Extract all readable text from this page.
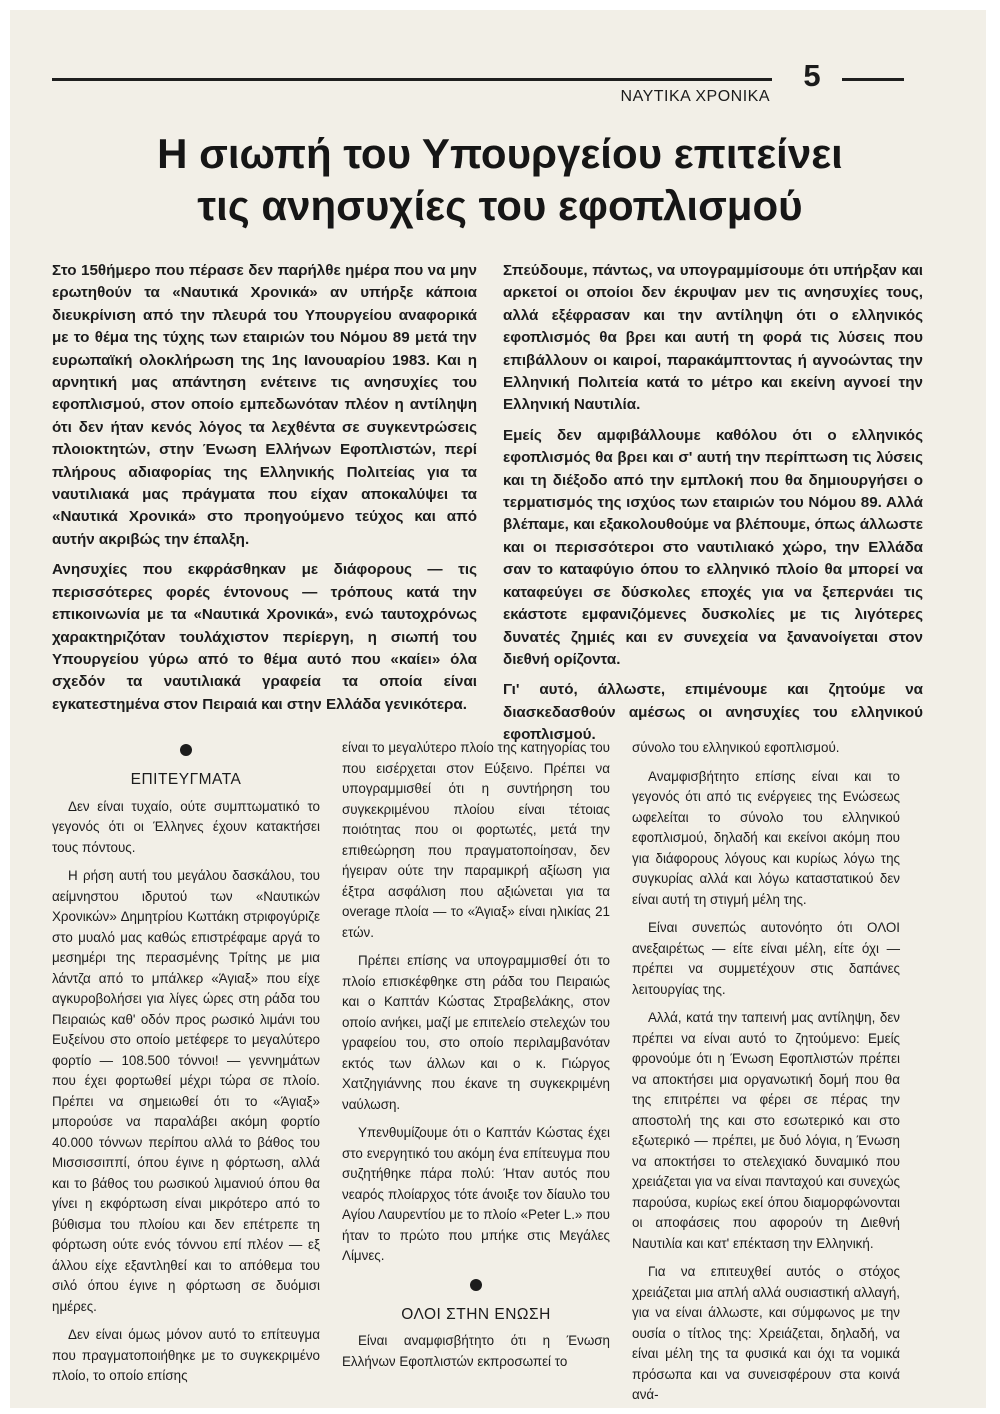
5
ΝΑΥΤΙΚΑ ΧΡΟΝΙΚΑ
Η σιωπή του Υπουργείου επιτείνει
τις ανησυχίες του εφοπλισμού

Στο 15θήμερο που πέρασε δεν παρήλθε ημέρα που να μην ερωτηθούν τα «Ναυτικά Χρονικά» αν υπήρξε κάποια διευκρίνιση από την πλευρά του Υπουργείου αναφορικά με το θέμα της τύχης των εταιριών του Νόμου 89 μετά την ευρωπαϊκή ολοκλήρωση της 1ης Ιανουαρίου 1983. Και η αρνητική μας απάντηση ενέτεινε τις ανησυχίες του εφοπλισμού, στον οποίο εμπεδωνόταν πλέον η αντίληψη ότι δεν ήταν κενός λόγος τα λεχθέντα σε συγκεντρώσεις πλοιοκτητών, στην Ένωση Ελλήνων Εφοπλιστών, περί πλήρους αδιαφορίας της Ελληνικής Πολιτείας για τα ναυτιλιακά μας πράγματα που είχαν αποκαλύψει τα «Ναυτικά Χρονικά» στο προηγούμενο τεύχος και από αυτήν ακριβώς την έπαλξη.

Ανησυχίες που εκφράσθηκαν με διάφορους — τις περισσότερες φορές έντονους — τρόπους κατά την επικοινωνία με τα «Ναυτικά Χρονικά», ενώ ταυτοχρόνως χαρακτηριζόταν τουλάχιστον περίεργη, η σιωπή του Υπουργείου γύρω από το θέμα αυτό που «καίει» όλα σχεδόν τα ναυτιλιακά γραφεία τα οποία είναι εγκατεστημένα στον Πειραιά και στην Ελλάδα γενικότερα.

Σπεύδουμε, πάντως, να υπογραμμίσουμε ότι υπήρξαν και αρκετοί οι οποίοι δεν έκρυψαν μεν τις ανησυχίες τους, αλλά εξέφρασαν και την αντίληψη ότι ο ελληνικός εφοπλισμός θα βρει και αυτή τη φορά τις λύσεις που επιβάλλουν οι καιροί, παρακάμπτοντας ή αγνοώντας την Ελληνική Πολιτεία κατά το μέτρο και εκείνη αγνοεί την Ελληνική Ναυτιλία.

Εμείς δεν αμφιβάλλουμε καθόλου ότι ο ελληνικός εφοπλισμός θα βρει και σ' αυτή την περίπτωση τις λύσεις και τη διέξοδο από την εμπλοκή που θα δημιουργήσει ο τερματισμός της ισχύος των εταιριών του Νόμου 89. Αλλά βλέπαμε, και εξακολουθούμε να βλέπουμε, όπως άλλωστε και οι περισσότεροι στο ναυτιλιακό χώρο, την Ελλάδα σαν το καταφύγιο όπου το ελληνικό πλοίο θα μπορεί να καταφεύγει σε δύσκολες εποχές για να ξεπερνάει τις εκάστοτε εμφανιζόμενες δυσκολίες με τις λιγότερες δυνατές ζημιές και εν συνεχεία να ξανανοίγεται στον διεθνή ορίζοντα.

Γι' αυτό, άλλωστε, επιμένουμε και ζητούμε να διασκεδασθούν αμέσως οι ανησυχίες του ελληνικού εφοπλισμού.

ΕΠΙΤΕΥΓΜΑΤΑ

Δεν είναι τυχαίο, ούτε συμπτωματικό το γεγονός ότι οι Έλληνες έχουν κατακτήσει τους πόντους.

Η ρήση αυτή του μεγάλου δασκάλου, του αείμνηστου ιδρυτού των «Ναυτικών Χρονικών» Δημητρίου Κωττάκη στριφογύριζε στο μυαλό μας καθώς επιστρέφαμε αργά το μεσημέρι της περασμένης Τρίτης με μια λάντζα από το μπάλκερ «Άγιαξ» που είχε αγκυροβολήσει για λίγες ώρες στη ράδα του Πειραιώς καθ' οδόν προς ρωσικό λιμάνι του Ευξείνου στο οποίο μετέφερε το μεγαλύτερο φορτίο — 108.500 τόννοι! — γεννημάτων που έχει φορτωθεί μέχρι τώρα σε πλοίο. Πρέπει να σημειωθεί ότι το «Άγιαξ» μπορούσε να παραλάβει ακόμη φορτίο 40.000 τόννων περίπου αλλά το βάθος του Μισσισσιππί, όπου έγινε η φόρτωση, αλλά και το βάθος του ρωσικού λιμανιού όπου θα γίνει η εκφόρτωση είναι μικρότερο από το βύθισμα του πλοίου και δεν επέτρεπε τη φόρτωση ούτε ενός τόννου επί πλέον — εξ άλλου είχε εξαντληθεί και το απόθεμα του σιλό όπου έγινε η φόρτωση σε δυόμισι ημέρες.

Δεν είναι όμως μόνον αυτό το επίτευγμα που πραγματοποιήθηκε με το συγκεκριμένο πλοίο, το οποίο επίσης

είναι το μεγαλύτερο πλοίο της κατηγορίας του που εισέρχεται στον Εύξεινο. Πρέπει να υπογραμμισθεί ότι η συντήρηση του συγκεκριμένου πλοίου είναι τέτοιας ποιότητας που οι φορτωτές, μετά την επιθεώρηση που πραγματοποίησαν, δεν ήγειραν ούτε την παραμικρή αξίωση για έξτρα ασφάλιση που αξιώνεται για τα overage πλοία — το «Άγιαξ» είναι ηλικίας 21 ετών.

Πρέπει επίσης να υπογραμμισθεί ότι το πλοίο επισκέφθηκε στη ράδα του Πειραιώς και ο Καπτάν Κώστας Στραβελάκης, στον οποίο ανήκει, μαζί με επιτελείο στελεχών του γραφείου του, στο οποίο περιλαμβανόταν εκτός των άλλων και ο κ. Γιώργος Χατζηγιάννης που έκανε τη συγκεκριμένη ναύλωση.

Υπενθυμίζουμε ότι ο Καπτάν Κώστας έχει στο ενεργητικό του ακόμη ένα επίτευγμα που συζητήθηκε πάρα πολύ: Ήταν αυτός που νεαρός πλοίαρχος τότε άνοιξε τον δίαυλο του Αγίου Λαυρεντίου με το πλοίο «Peter L.» που ήταν το πρώτο που μπήκε στις Μεγάλες Λίμνες.

ΟΛΟΙ ΣΤΗΝ ΕΝΩΣΗ

Είναι αναμφισβήτητο ότι η Ένωση Ελλήνων Εφοπλιστών εκπροσωπεί το

σύνολο του ελληνικού εφοπλισμού.

Αναμφισβήτητο επίσης είναι και το γεγονός ότι από τις ενέργειες της Ενώσεως ωφελείται το σύνολο του ελληνικού εφοπλισμού, δηλαδή και εκείνοι ακόμη που για διάφορους λόγους και κυρίως λόγω της συγκυρίας αλλά και λόγω καταστατικού δεν είναι αυτή τη στιγμή μέλη της.

Είναι συνεπώς αυτονόητο ότι ΟΛΟΙ ανεξαιρέτως — είτε είναι μέλη, είτε όχι — πρέπει να συμμετέχουν στις δαπάνες λειτουργίας της.

Αλλά, κατά την ταπεινή μας αντίληψη, δεν πρέπει να είναι αυτό το ζητούμενο: Εμείς φρονούμε ότι η Ένωση Εφοπλιστών πρέπει να αποκτήσει μια οργανωτική δομή που θα της επιτρέπει να φέρει σε πέρας την αποστολή της και στο εσωτερικό και στο εξωτερικό — πρέπει, με δυό λόγια, η Ένωση να αποκτήσει το στελεχιακό δυναμικό που χρειάζεται για να είναι πανταχού και συνεχώς παρούσα, κυρίως εκεί όπου διαμορφώνονται οι αποφάσεις που αφορούν τη Διεθνή Ναυτιλία και κατ' επέκταση την Ελληνική.

Για να επιτευχθεί αυτός ο στόχος χρειάζεται μια απλή αλλά ουσιαστική αλλαγή, για να είναι άλλωστε, και σύμφωνος με την ουσία ο τίτλος της: Χρειάζεται, δηλαδή, να είναι μέλη της τα φυσικά και όχι τα νομικά πρόσωπα και να συνεισφέρουν στα κοινά ανά-
